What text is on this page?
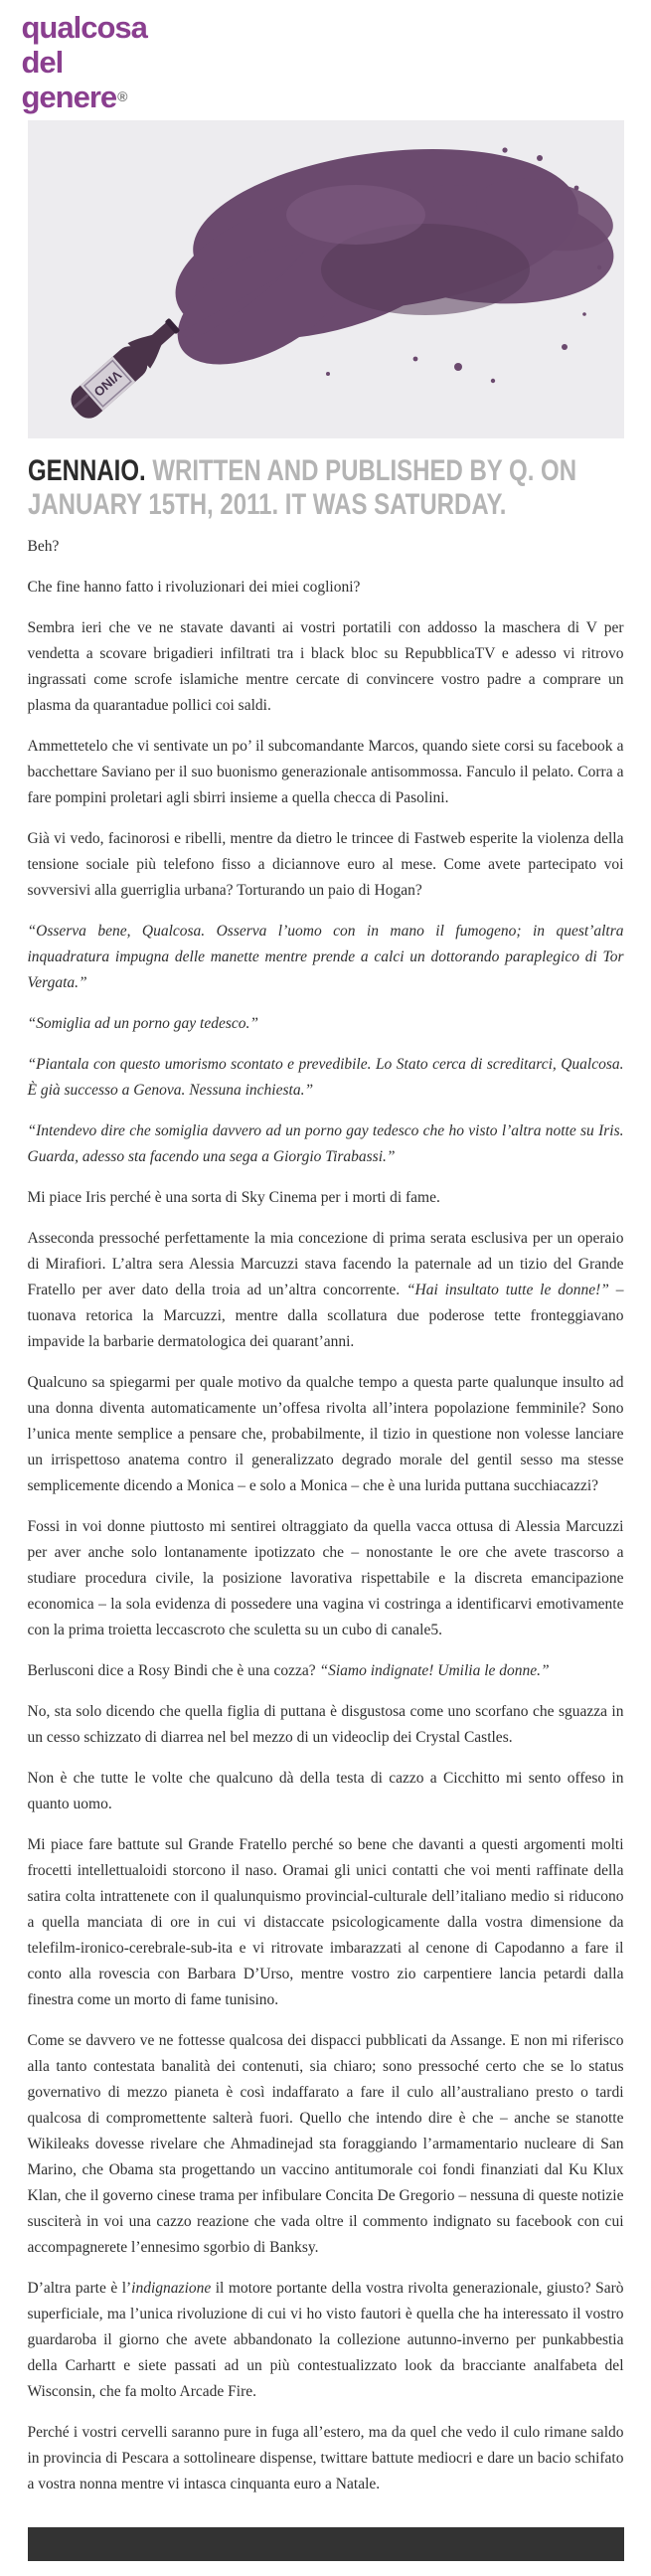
qualcosa
del
genere®
VINO
GENNAIO. WRITTEN AND PUBLISHED BY Q. ON JANUARY 15TH, 2011. IT WAS SATURDAY.

Beh?

Che fine hanno fatto i rivoluzionari dei miei coglioni?

Sembra ieri che ve ne stavate davanti ai vostri portatili con addosso la maschera di V per vendetta a scovare brigadieri infiltrati tra i black bloc su RepubblicaTV e adesso vi ritrovo ingrassati come scrofe islamiche mentre cercate di convincere vostro padre a comprare un plasma da quarantadue pollici coi saldi.

Ammettetelo che vi sentivate un po’ il subcomandante Marcos, quando siete corsi su facebook a bacchettare Saviano per il suo buonismo generazionale antisommossa. Fanculo il pelato. Corra a fare pompini proletari agli sbirri insieme a quella checca di Pasolini.

Già vi vedo, facinorosi e ribelli, mentre da dietro le trincee di Fastweb esperite la violenza della tensione sociale più telefono fisso a diciannove euro al mese. Come avete partecipato voi sovversivi alla guerriglia urbana? Torturando un paio di Hogan?

“Osserva bene, Qualcosa. Osserva l’uomo con in mano il fumogeno; in quest’altra inquadratura impugna delle manette mentre prende a calci un dottorando paraplegico di Tor Vergata.”

“Somiglia ad un porno gay tedesco.”

“Piantala con questo umorismo scontato e prevedibile. Lo Stato cerca di screditarci, Qualcosa. È già successo a Genova. Nessuna inchiesta.”

“Intendevo dire che somiglia davvero ad un porno gay tedesco che ho visto l’altra notte su Iris. Guarda, adesso sta facendo una sega a Giorgio Tirabassi.”

Mi piace Iris perché è una sorta di Sky Cinema per i morti di fame.

Asseconda pressoché perfettamente la mia concezione di prima serata esclusiva per un operaio di Mirafiori. L’altra sera Alessia Marcuzzi stava facendo la paternale ad un tizio del Grande Fratello per aver dato della troia ad un’altra concorrente. “Hai insultato tutte le donne!” – tuonava retorica la Marcuzzi, mentre dalla scollatura due poderose tette fronteggiavano impavide la barbarie dermatologica dei quarant’anni.

Qualcuno sa spiegarmi per quale motivo da qualche tempo a questa parte qualunque insulto ad una donna diventa automaticamente un’offesa rivolta all’intera popolazione femminile? Sono l’unica mente semplice a pensare che, probabilmente, il tizio in questione non volesse lanciare un irrispettoso anatema contro il generalizzato degrado morale del gentil sesso ma stesse semplicemente dicendo a Monica – e solo a Monica – che è una lurida puttana succhiacazzi?

Fossi in voi donne piuttosto mi sentirei oltraggiato da quella vacca ottusa di Alessia Marcuzzi per aver anche solo lontanamente ipotizzato che – nonostante le ore che avete trascorso a studiare procedura civile, la posizione lavorativa rispettabile e la discreta emancipazione economica – la sola evidenza di possedere una vagina vi costringa a identificarvi emotivamente con la prima troietta leccascroto che sculetta su un cubo di canale5.

Berlusconi dice a Rosy Bindi che è una cozza? “Siamo indignate! Umilia le donne.”

No, sta solo dicendo che quella figlia di puttana è disgustosa come uno scorfano che sguazza in un cesso schizzato di diarrea nel bel mezzo di un videoclip dei Crystal Castles.

Non è che tutte le volte che qualcuno dà della testa di cazzo a Cicchitto mi sento offeso in quanto uomo.

Mi piace fare battute sul Grande Fratello perché so bene che davanti a questi argomenti molti frocetti intellettualoidi storcono il naso. Oramai gli unici contatti che voi menti raffinate della satira colta intrattenete con il qualunquismo provincial-culturale dell’italiano medio si riducono a quella manciata di ore in cui vi distaccate psicologicamente dalla vostra dimensione da telefilm-ironico-cerebrale-sub-ita e vi ritrovate imbarazzati al cenone di Capodanno a fare il conto alla rovescia con Barbara D’Urso, mentre vostro zio carpentiere lancia petardi dalla finestra come un morto di fame tunisino.

Come se davvero ve ne fottesse qualcosa dei dispacci pubblicati da Assange. E non mi riferisco alla tanto contestata banalità dei contenuti, sia chiaro; sono pressoché certo che se lo status governativo di mezzo pianeta è così indaffarato a fare il culo all’australiano presto o tardi qualcosa di compromettente salterà fuori. Quello che intendo dire è che – anche se stanotte Wikileaks dovesse rivelare che Ahmadinejad sta foraggiando l’armamentario nucleare di San Marino, che Obama sta progettando un vaccino antitumorale coi fondi finanziati dal Ku Klux Klan, che il governo cinese trama per infibulare Concita De Gregorio – nessuna di queste notizie susciterà in voi una cazzo reazione che vada oltre il commento indignato su facebook con cui accompagnerete l’ennesimo sgorbio di Banksy.

D’altra parte è l’indignazione il motore portante della vostra rivolta generazionale, giusto? Sarò superficiale, ma l’unica rivoluzione di cui vi ho visto fautori è quella che ha interessato il vostro guardaroba il giorno che avete abbandonato la collezione autunno-inverno per punkabbestia della Carhartt e siete passati ad un più contestualizzato look da bracciante analfabeta del Wisconsin, che fa molto Arcade Fire.

Perché i vostri cervelli saranno pure in fuga all’estero, ma da quel che vedo il culo rimane saldo in provincia di Pescara a sottolineare dispense, twittare battute mediocri e dare un bacio schifato a vostra nonna mentre vi intasca cinquanta euro a Natale.
